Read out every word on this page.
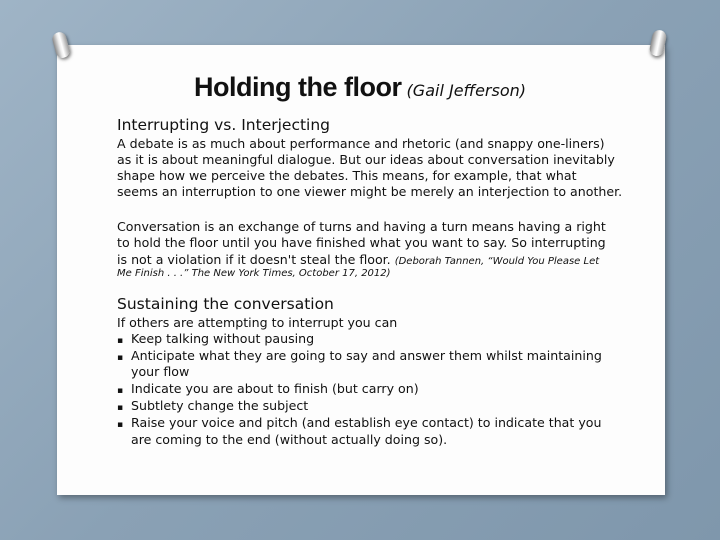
Holding the floor (Gail Jefferson)
Interrupting vs. Interjecting
A debate is as much about performance and rhetoric (and snappy one-liners)
as it is about meaningful dialogue. But our ideas about conversation inevitably
shape how we perceive the debates. This means, for example, that what
seems an interruption to one viewer might be merely an interjection to another.
Conversation is an exchange of turns and having a turn means having a right
to hold the floor until you have finished what you want to say. So interrupting
is not a violation if it doesn't steal the floor. (Deborah Tannen, “Would You Please Let
Me Finish . . .” The New York Times, October 17, 2012)
Sustaining the conversation
If others are attempting to interrupt you can
▪ Keep talking without pausing
▪ Anticipate what they are going to say and answer them whilst maintaining
your flow
▪ Indicate you are about to finish (but carry on)
▪ Subtlety change the subject
▪ Raise your voice and pitch (and establish eye contact) to indicate that you
are coming to the end (without actually doing so).
